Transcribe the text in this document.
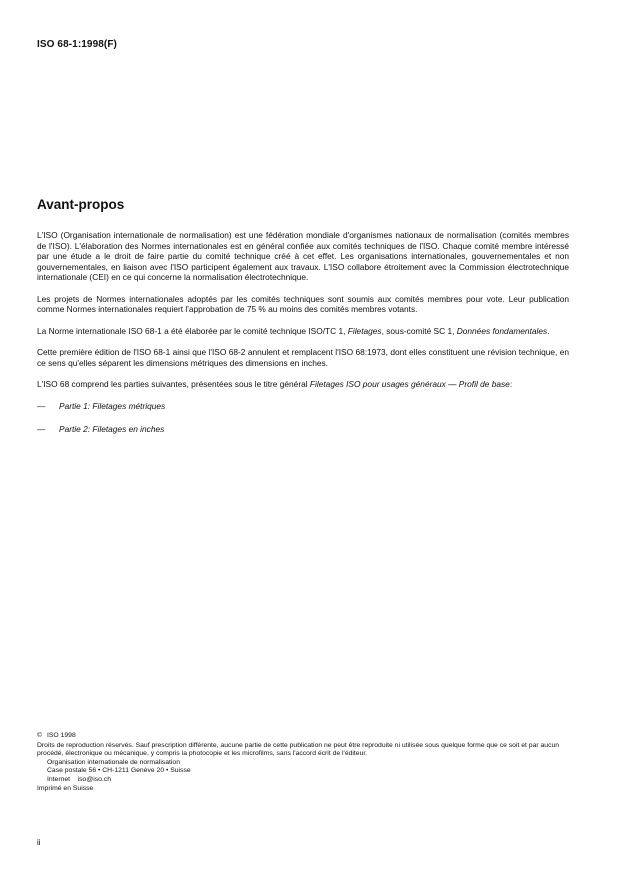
ISO 68-1:1998(F)
Avant-propos

L'ISO (Organisation internationale de normalisation) est une fédération mondiale d'organismes nationaux de normalisation (comités membres de l'ISO). L'élaboration des Normes internationales est en général confiée aux comités techniques de l'ISO. Chaque comité membre intéressé par une étude a le droit de faire partie du comité technique créé à cet effet. Les organisations internationales, gouvernementales et non gouvernementales, en liaison avec l'ISO participent également aux travaux. L'ISO collabore étroitement avec la Commission électrotechnique internationale (CEI) en ce qui concerne la normalisation électrotechnique.

Les projets de Normes internationales adoptés par les comités techniques sont soumis aux comités membres pour vote. Leur publication comme Normes internationales requiert l'approbation de 75 % au moins des comités membres votants.

La Norme internationale ISO 68-1 a été élaborée par le comité technique ISO/TC 1, Filetages, sous-comité SC 1, Données fondamentales.

Cette première édition de l'ISO 68-1 ainsi que l'ISO 68-2 annulent et remplacent l'ISO 68:1973, dont elles constituent une révision technique, en ce sens qu'elles séparent les dimensions métriques des dimensions en inches.

L'ISO 68 comprend les parties suivantes, présentées sous le titre général Filetages ISO pour usages généraux — Profil de base:

—	Partie 1: Filetages métriques
—	Partie 2: Filetages en inches
© ISO 1998
Droits de reproduction réservés. Sauf prescription différente, aucune partie de cette publication ne peut être reproduite ni utilisée sous quelque forme que ce soit et par aucun procédé, électronique ou mécanique, y compris la photocopie et les microfilms, sans l'accord écrit de l'éditeur.
Organisation internationale de normalisation
Case postale 56 • CH-1211 Genève 20 • Suisse
Internet iso@iso.ch
Imprimé en Suisse
ii
